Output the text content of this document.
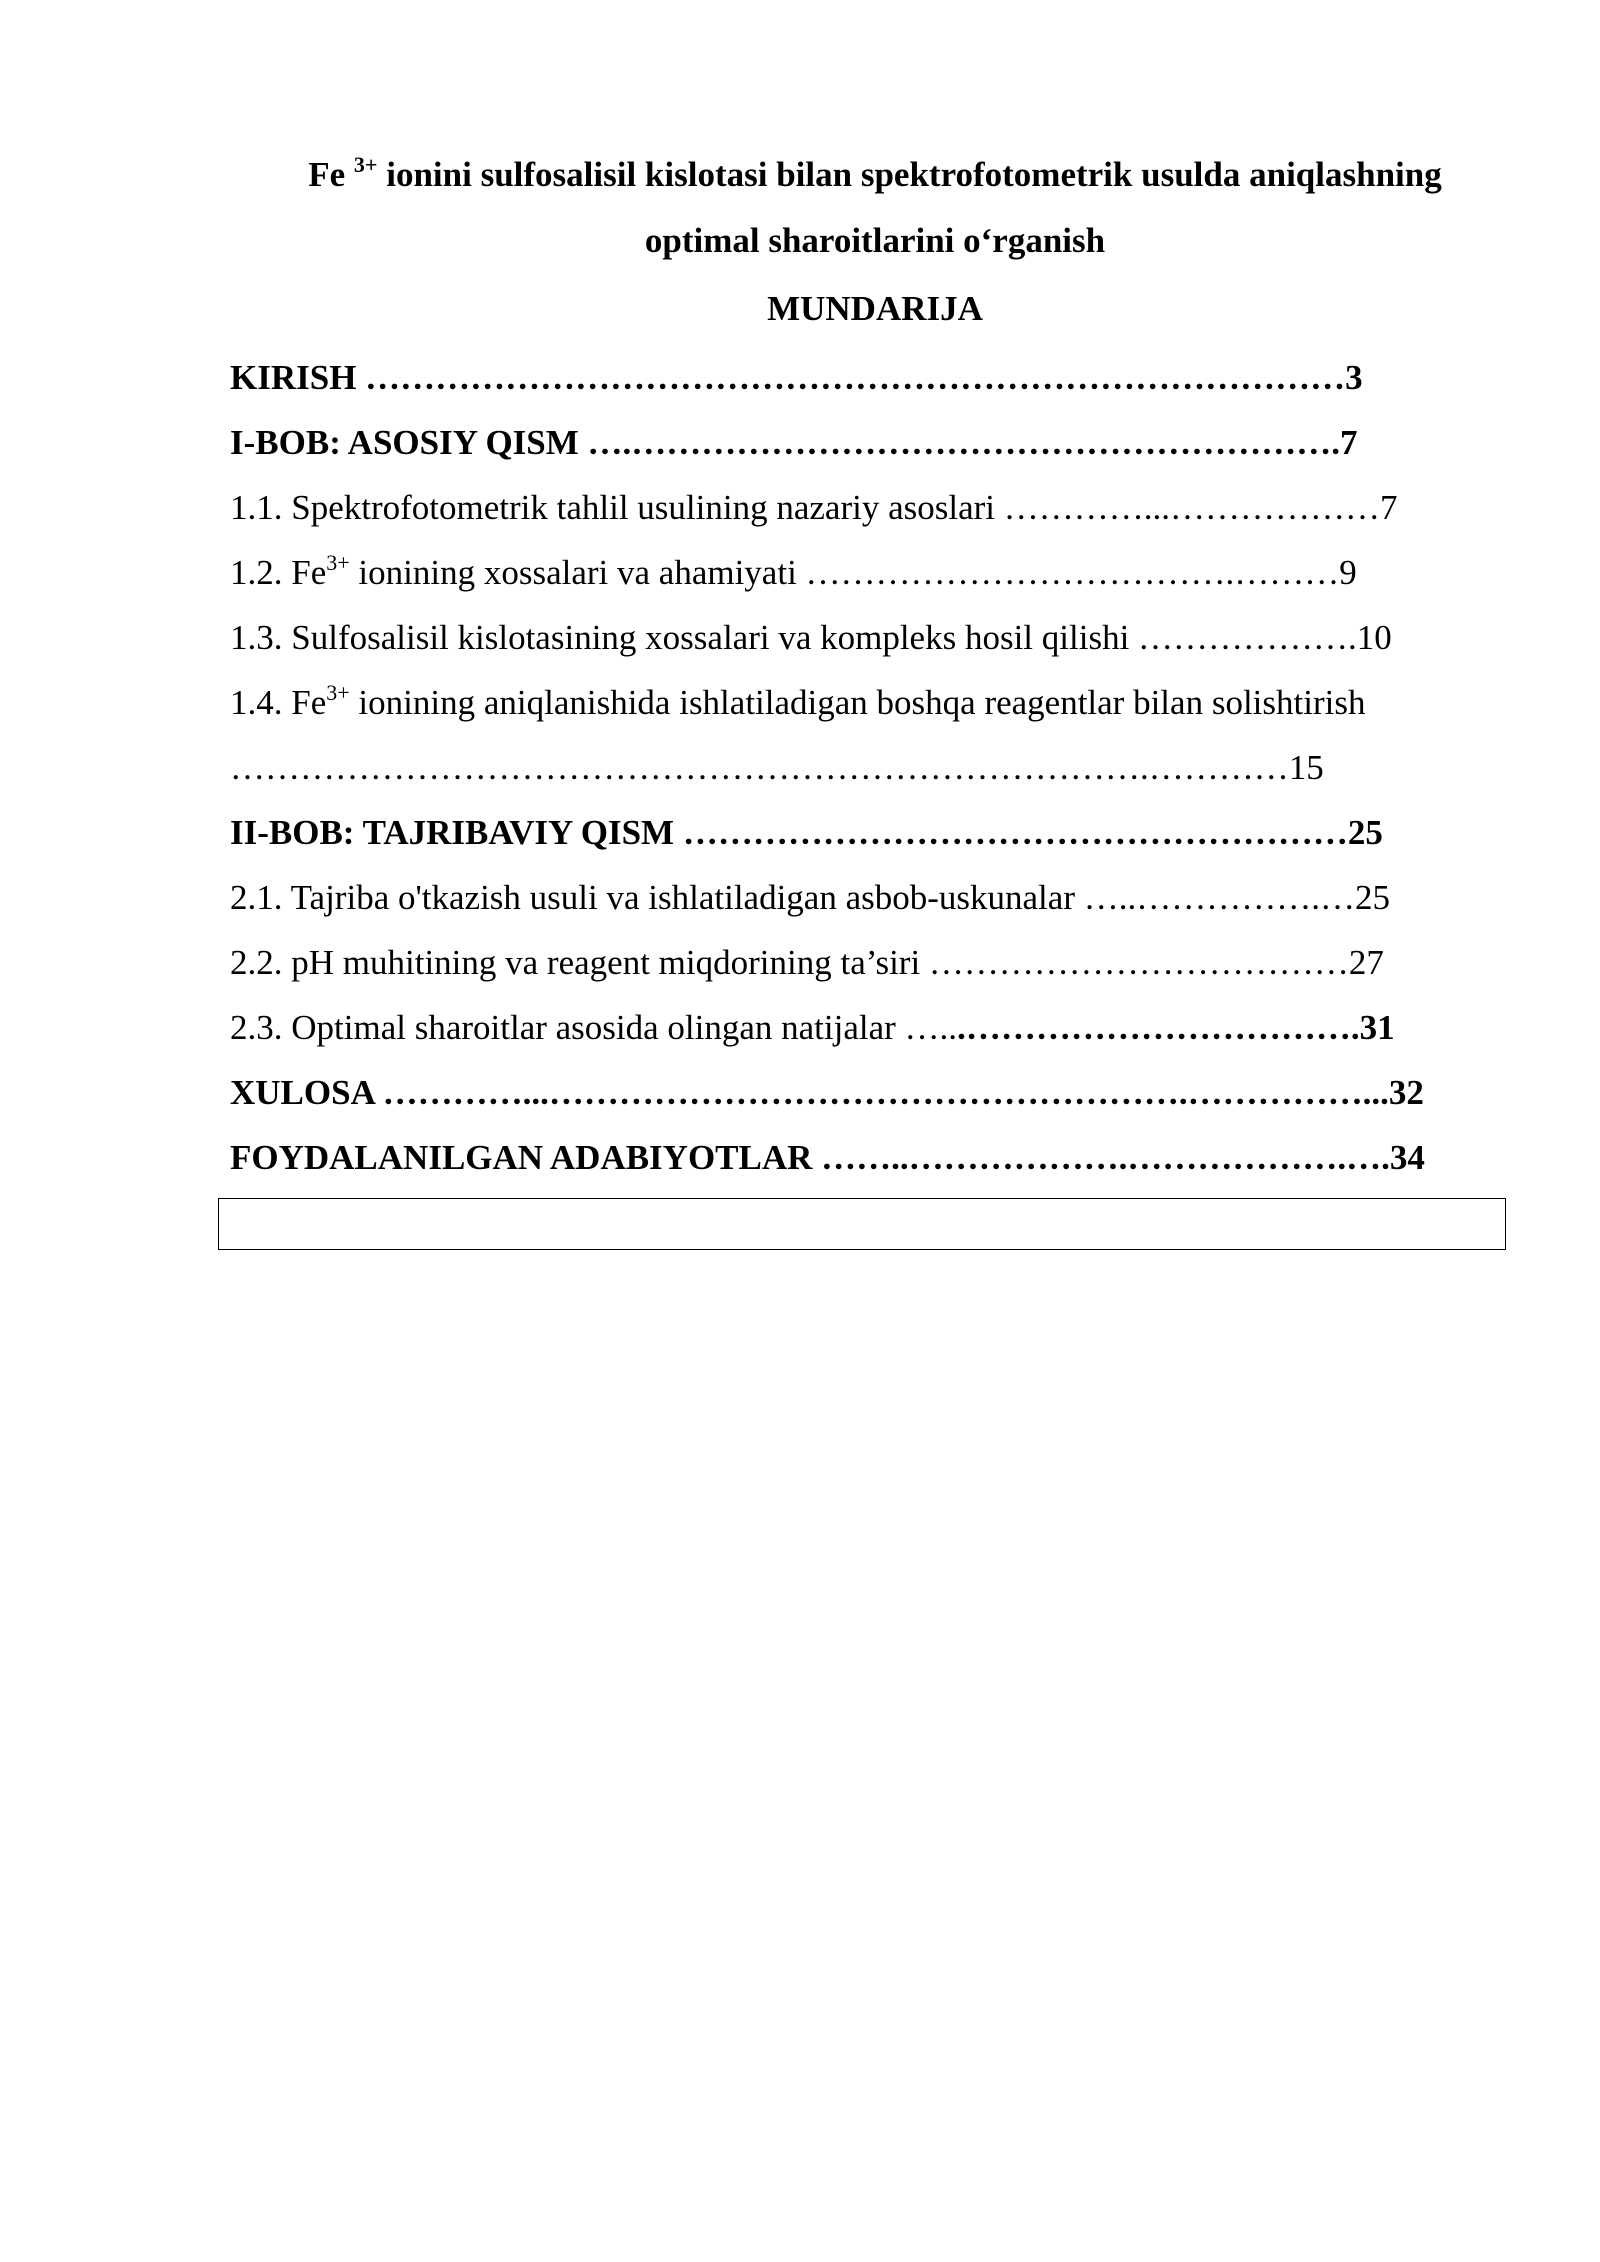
Fe $^{3+}$ ionini sulfosalisil kislotasi bilan spektrofotometrik usulda aniqlashning
optimal sharoitlarini o‘rganish
MUNDARIJA
KIRISH …………………………………………………………………………3
I-BOB: ASOSIY QISM ….…………………………………………………….7
1.1. Spektrofotometrik tahlil usulining nazariy asoslari …………...………………7
1.2. $Fe^{3+}$ ionining xossalari va ahamiyati ……………………………….………9
1.3. Sulfosalisil kislotasining xossalari va kompleks hosil qilishi ……………….10
1.4. $Fe^{3+}$ ionining aniqlanishida ishlatiladigan boshqa reagentlar bilan solishtirish
…………………………………………………………………….…………15
II-BOB: TAJRIBAVIY QISM …………………………………………………25
2.1. Tajriba o'tkazish usuli va ishlatiladigan asbob-uskunalar …..…………….…25
2.2. pH muhitining va reagent miqdorining ta’siri ………………………………27
2.3. Optimal sharoitlar asosida olingan natijalar …...…………………………….31
XULOSA …………...……………………………………………….……………...32
FOYDALANILGAN ADABIYOTLAR ……..……………….……………….….34
